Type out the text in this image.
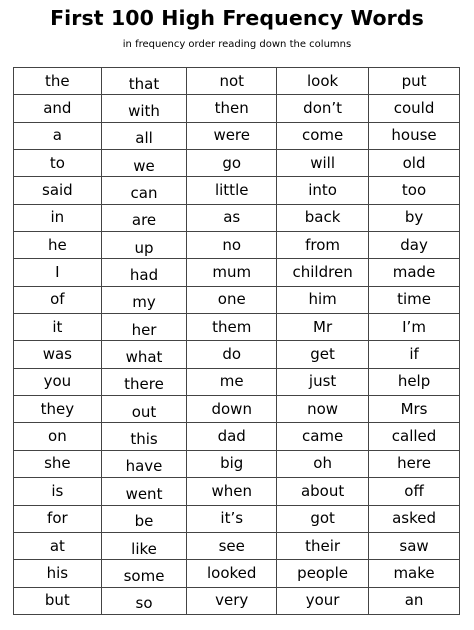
First 100 High Frequency Words
in frequency order reading down the columns
the	that	not	look	put
and	with	then	don’t	could
a	all	were	come	house
to	we	go	will	old
said	can	little	into	too
in	are	as	back	by
he	up	no	from	day
I	had	mum	children	made
of	my	one	him	time
it	her	them	Mr	I’m
was	what	do	get	if
you	there	me	just	help
they	out	down	now	Mrs
on	this	dad	came	called
she	have	big	oh	here
is	went	when	about	off
for	be	it’s	got	asked
at	like	see	their	saw
his	some	looked	people	make
but	so	very	your	an
